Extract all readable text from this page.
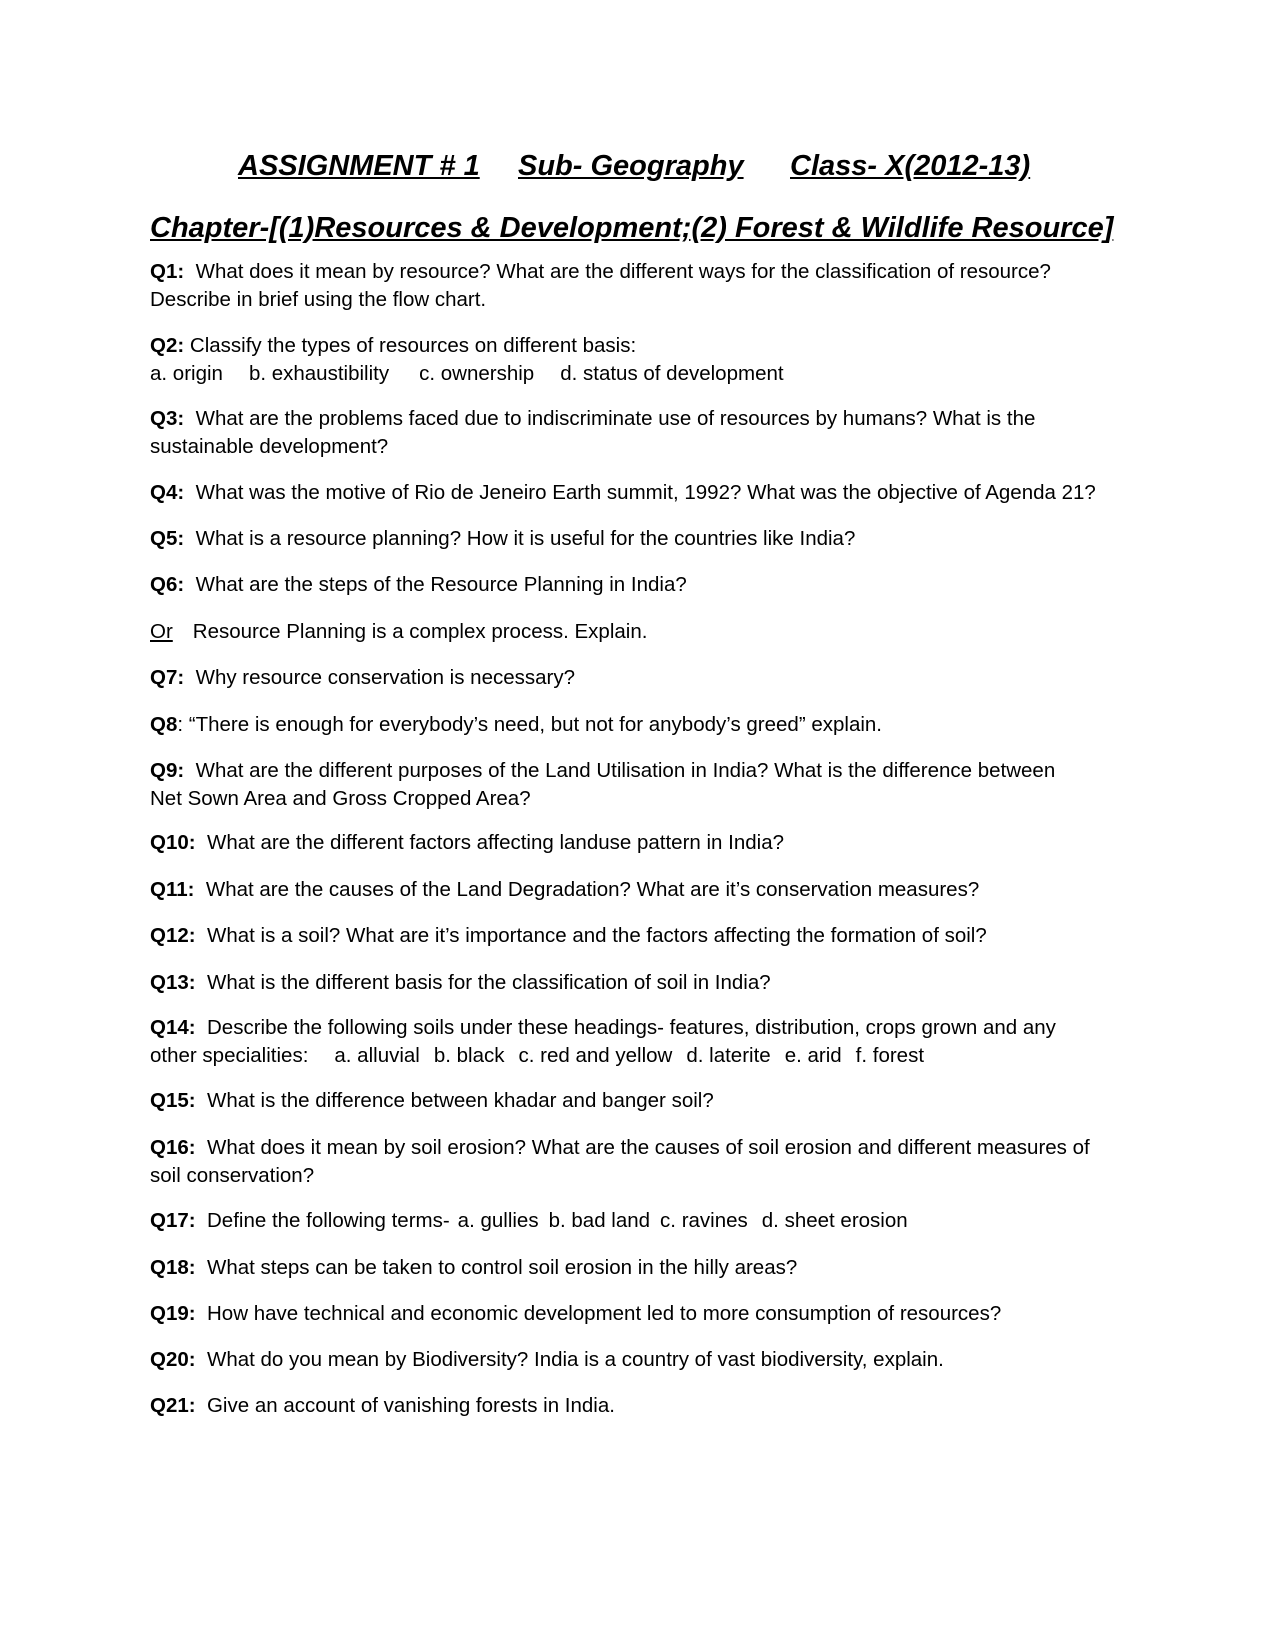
ASSIGNMENT # 1

Sub- Geography

Class- X(2012-13)

Chapter-[(1)Resources & Development;(2) Forest & Wildlife Resource]
Q1: What does it mean by resource? What are the different ways for the classification of resource?
Describe in brief using the flow chart.
Q2: Classify the types of resources on different basis:
a. origin b. exhaustibility c. ownership d. status of development
Q3: What are the problems faced due to indiscriminate use of resources by humans? What is the
sustainable development?
Q4: What was the motive of Rio de Jeneiro Earth summit, 1992? What was the objective of Agenda 21?
Q5: What is a resource planning? How it is useful for the countries like India?
Q6: What are the steps of the Resource Planning in India?
Or Resource Planning is a complex process. Explain.
Q7: Why resource conservation is necessary?
Q8: “There is enough for everybody’s need, but not for anybody’s greed” explain.
Q9: What are the different purposes of the Land Utilisation in India? What is the difference between
Net Sown Area and Gross Cropped Area?
Q10: What are the different factors affecting landuse pattern in India?
Q11: What are the causes of the Land Degradation? What are it’s conservation measures?
Q12: What is a soil? What are it’s importance and the factors affecting the formation of soil?
Q13: What is the different basis for the classification of soil in India?
Q14: Describe the following soils under these headings- features, distribution, crops grown and any
other specialities: a. alluvial b. black c. red and yellow d. laterite e. arid f. forest
Q15: What is the difference between khadar and banger soil?
Q16: What does it mean by soil erosion? What are the causes of soil erosion and different measures of
soil conservation?
Q17: Define the following terms- a. gullies b. bad land c. ravines d. sheet erosion
Q18: What steps can be taken to control soil erosion in the hilly areas?
Q19: How have technical and economic development led to more consumption of resources?
Q20: What do you mean by Biodiversity? India is a country of vast biodiversity, explain.
Q21: Give an account of vanishing forests in India.
